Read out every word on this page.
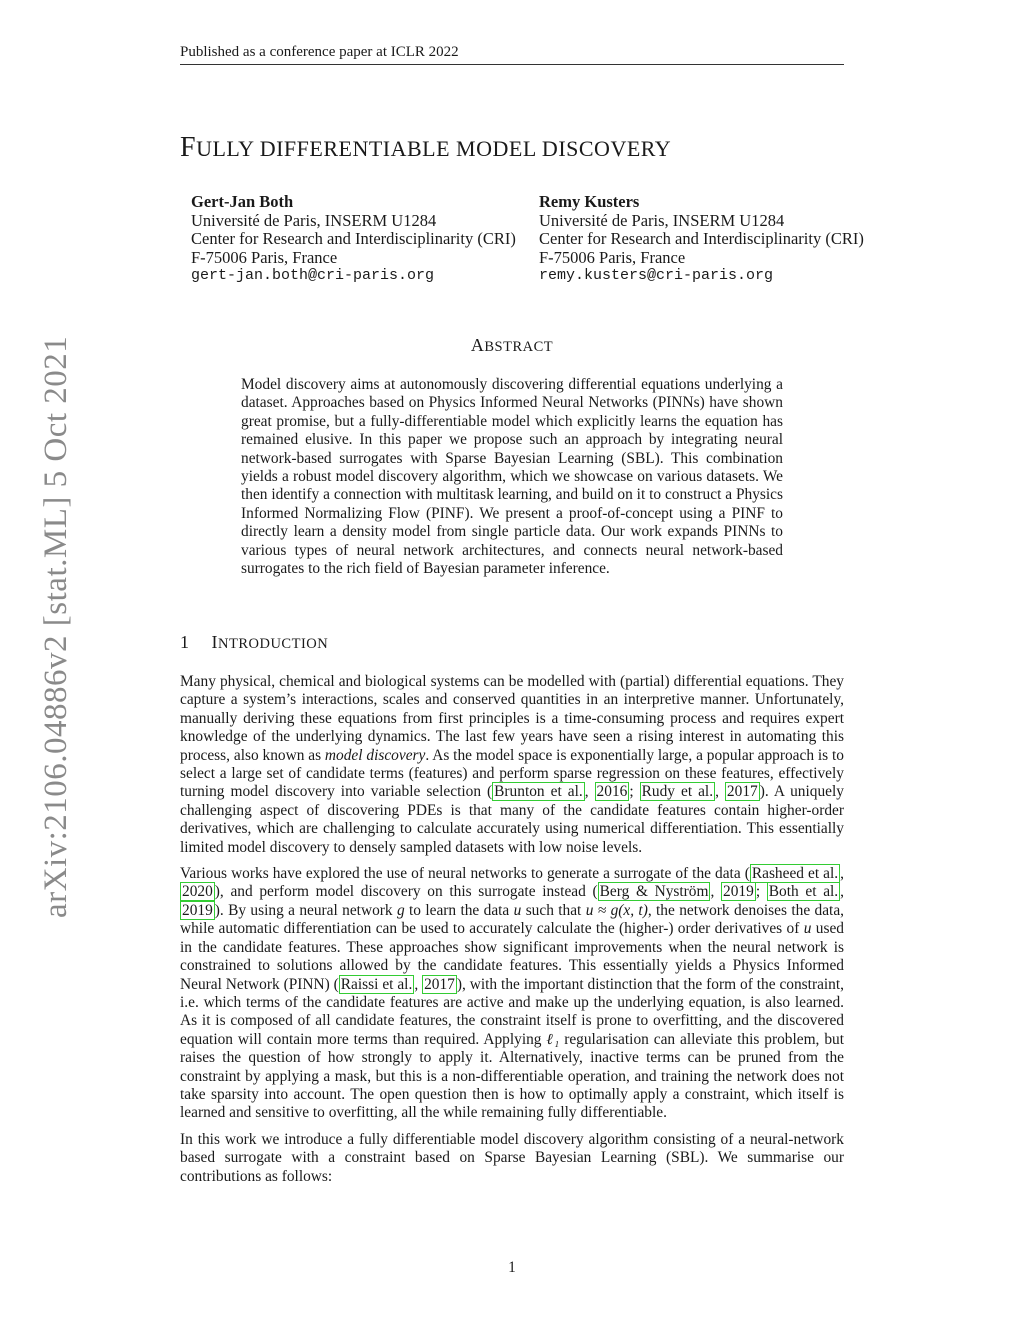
Published as a conference paper at ICLR 2022
arXiv:2106.04886v2 [stat.ML] 5 Oct 2021
FULLY DIFFERENTIABLE MODEL DISCOVERY
Gert-Jan Both
Université de Paris, INSERM U1284
Center for Research and Interdisciplinarity (CRI)
F-75006 Paris, France
gert-jan.both@cri-paris.org
Remy Kusters
Université de Paris, INSERM U1284
Center for Research and Interdisciplinarity (CRI)
F-75006 Paris, France
remy.kusters@cri-paris.org
ABSTRACT
Model discovery aims at autonomously discovering differential equations underlying a dataset. Approaches based on Physics Informed Neural Networks (PINNs) have shown great promise, but a fully-differentiable model which explicitly learns the equation has remained elusive. In this paper we propose such an approach by integrating neural network-based surrogates with Sparse Bayesian Learning (SBL). This combination yields a robust model discovery algorithm, which we showcase on various datasets. We then identify a connection with multitask learning, and build on it to construct a Physics Informed Normalizing Flow (PINF). We present a proof-of-concept using a PINF to directly learn a density model from single particle data. Our work expands PINNs to various types of neural network architectures, and connects neural network-based surrogates to the rich field of Bayesian parameter inference.
1 INTRODUCTION

Many physical, chemical and biological systems can be modelled with (partial) differential equations. They capture a system’s interactions, scales and conserved quantities in an interpretive manner. Unfortunately, manually deriving these equations from first principles is a time-consuming process and requires expert knowledge of the underlying dynamics. The last few years have seen a rising interest in automating this process, also known as model discovery. As the model space is exponentially large, a popular approach is to select a large set of candidate terms (features) and perform sparse regression on these features, effectively turning model discovery into variable selection ( Brunton et al. , 2016 ; Rudy et al. , 2017 ). A uniquely challenging aspect of discovering PDEs is that many of the candidate features contain higher-order derivatives, which are challenging to calculate accurately using numerical differentiation. This essentially limited model discovery to densely sampled datasets with low noise levels.

Various works have explored the use of neural networks to generate a surrogate of the data ( Rasheed et al. , 2020 ), and perform model discovery on this surrogate instead ( Berg & Nyström , 2019 ; Both et al. , 2019 ). By using a neural network g to learn the data u such that u ≈ g(x, t), the network denoises the data, while automatic differentiation can be used to accurately calculate the (higher-) order derivatives of u used in the candidate features. These approaches show significant improvements when the neural network is constrained to solutions allowed by the candidate features. This essentially yields a Physics Informed Neural Network (PINN) ( Raissi et al. , 2017 ), with the important distinction that the form of the constraint, i.e. which terms of the candidate features are active and make up the underlying equation, is also learned. As it is composed of all candidate features, the constraint itself is prone to overfitting, and the discovered equation will contain more terms than required. Applying ℓ₁ regularisation can alleviate this problem, but raises the question of how strongly to apply it. Alternatively, inactive terms can be pruned from the constraint by applying a mask, but this is a non-differentiable operation, and training the network does not take sparsity into account. The open question then is how to optimally apply a constraint, which itself is learned and sensitive to overfitting, all the while remaining fully differentiable.

In this work we introduce a fully differentiable model discovery algorithm consisting of a neural-network based surrogate with a constraint based on Sparse Bayesian Learning (SBL). We summarise our contributions as follows:

1
